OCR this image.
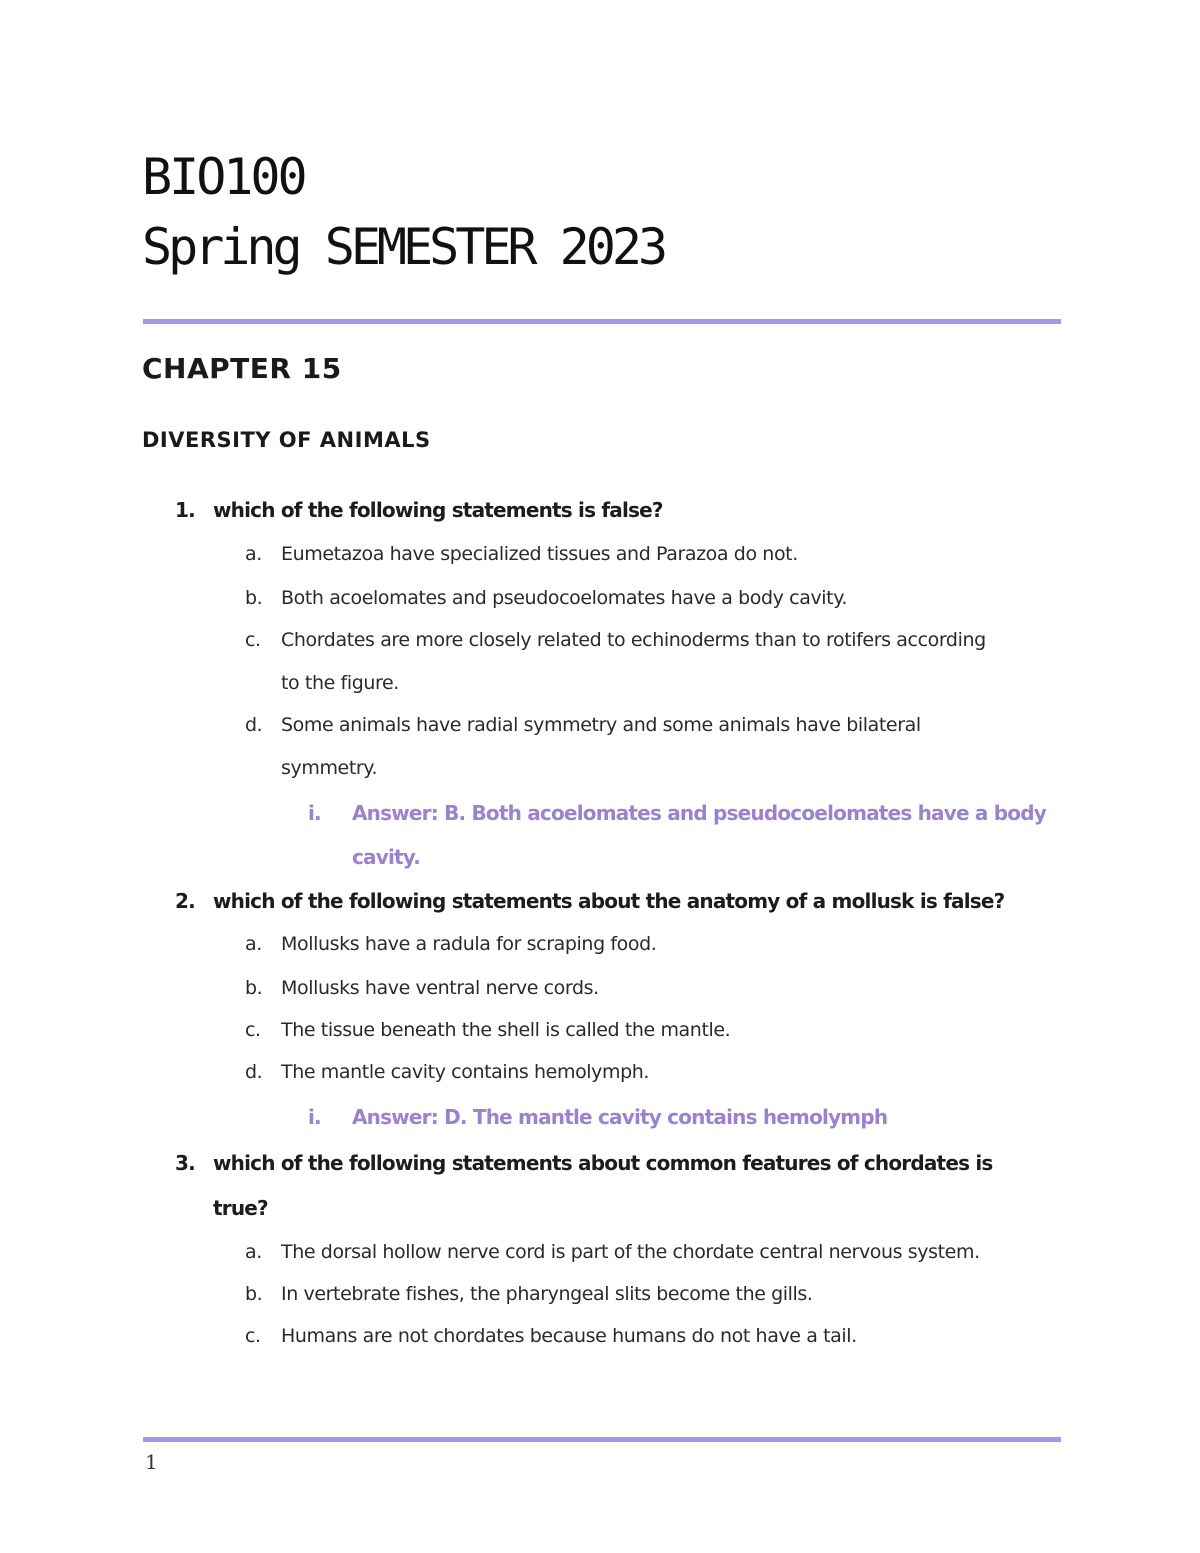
BIO100
Spring SEMESTER 2023
CHAPTER 15
DIVERSITY OF ANIMALS
1. which of the following statements is false?
a. Eumetazoa have specialized tissues and Parazoa do not.
b. Both acoelomates and pseudocoelomates have a body cavity.
c. Chordates are more closely related to echinoderms than to rotifers according
to the figure.
d. Some animals have radial symmetry and some animals have bilateral
symmetry.
i. Answer: B. Both acoelomates and pseudocoelomates have a body
cavity.
2. which of the following statements about the anatomy of a mollusk is false?
a. Mollusks have a radula for scraping food.
b. Mollusks have ventral nerve cords.
c. The tissue beneath the shell is called the mantle.
d. The mantle cavity contains hemolymph.
i. Answer: D. The mantle cavity contains hemolymph
3. which of the following statements about common features of chordates is
true?
a. The dorsal hollow nerve cord is part of the chordate central nervous system.
b. In vertebrate fishes, the pharyngeal slits become the gills.
c. Humans are not chordates because humans do not have a tail.
1
